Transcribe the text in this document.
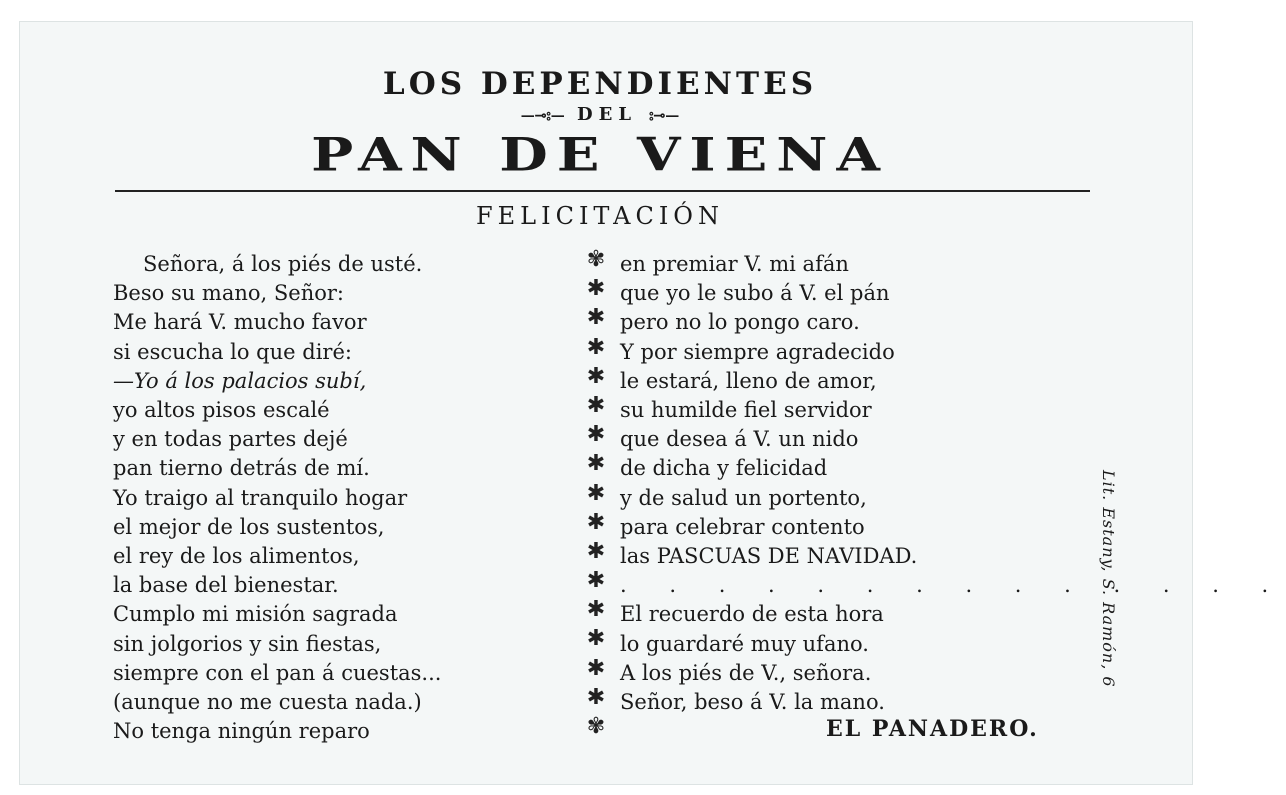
LOS DEPENDIENTES
—⊸⦂— DEL ⦂⊸—
PAN DE VIENA
FELICITACIÓN
Señora, á los piés de usté.
Beso su mano, Señor:
Me hará V. mucho favor
si escucha lo que diré:
—Yo á los palacios subí,
yo altos pisos escalé
y en todas partes dejé
pan tierno detrás de mí.
Yo traigo al tranquilo hogar
el mejor de los sustentos,
el rey de los alimentos,
la base del bienestar.
Cumplo mi misión sagrada
sin jolgorios y sin fiestas,
siempre con el pan á cuestas...
(aunque no me cuesta nada.)
No tenga ningún reparo
✾
✱
✱
✱
✱
✱
✱
✱
✱
✱
✱
✱
✱
✱
✱
✱
✾
en premiar V. mi afán
que yo le subo á V. el pán
pero no lo pongo caro.
Y por siempre agradecido
le estará, lleno de amor,
su humilde fiel servidor
que desea á V. un nido
de dicha y felicidad
y de salud un portento,
para celebrar contento
las PASCUAS DE NAVIDAD.
. . . . . . . . . . . . . .
El recuerdo de esta hora
lo guardaré muy ufano.
A los piés de V., señora.
Señor, beso á V. la mano.
EL PANADERO.
Lit. Estany, S. Ramón, 6
